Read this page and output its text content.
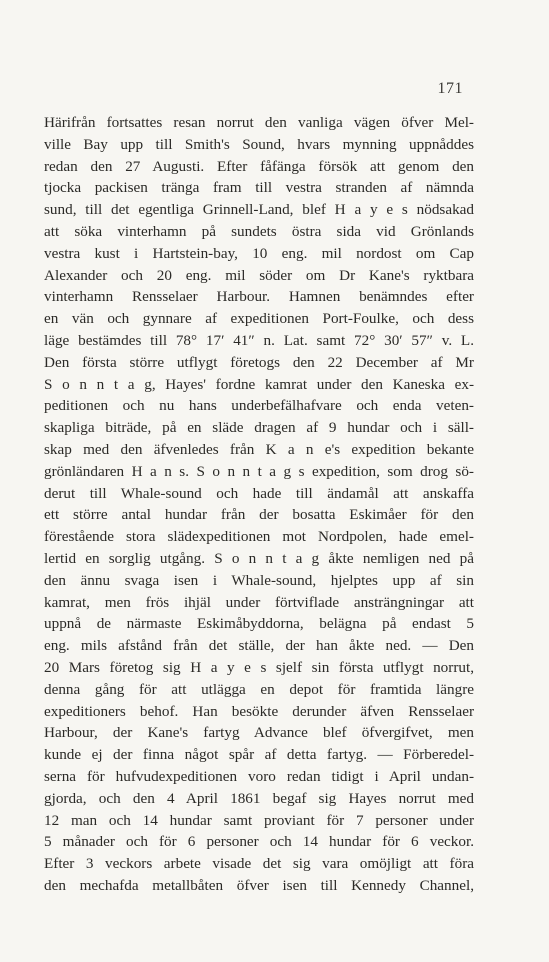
171
Härifrån fortsattes resan norrut den vanliga vägen öfver Mel-
ville Bay upp till Smith's Sound, hvars mynning uppnåddes
redan den 27 Augusti. Efter fåfänga försök att genom den
tjocka packisen tränga fram till vestra stranden af nämnda
sund, till det egentliga Grinnell-Land, blef H a y e s nödsakad
att söka vinterhamn på sundets östra sida vid Grönlands
vestra kust i Hartstein-bay, 10 eng. mil nordost om Cap
Alexander och 20 eng. mil söder om Dr Kane's ryktbara
vinterhamn Rensselaer Harbour. Hamnen benämndes efter
en vän och gynnare af expeditionen Port-Foulke, och dess
läge bestämdes till 78° 17′ 41″ n. Lat. samt 72° 30′ 57″ v. L.
Den första större utflygt företogs den 22 December af Mr
S o n n t a g, Hayes' fordne kamrat under den Kaneska ex-
peditionen och nu hans underbefälhafvare och enda veten-
skapliga biträde, på en släde dragen af 9 hundar och i säll-
skap med den äfvenledes från K a n e's expedition bekante
grönländaren H a n s. S o n n t a g s expedition, som drog sö-
derut till Whale-sound och hade till ändamål att anskaffa
ett större antal hundar från der bosatta Eskimåer för den
förestående stora slädexpeditionen mot Nordpolen, hade emel-
lertid en sorglig utgång. S o n n t a g åkte nemligen ned på
den ännu svaga isen i Whale-sound, hjelptes upp af sin
kamrat, men frös ihjäl under förtviflade ansträngningar att
uppnå de närmaste Eskimåbyddorna, belägna på endast 5
eng. mils afstånd från det ställe, der han åkte ned. — Den
20 Mars företog sig H a y e s sjelf sin första utflygt norrut,
denna gång för att utlägga en depot för framtida längre
expeditioners behof. Han besökte derunder äfven Rensselaer
Harbour, der Kane's fartyg Advance blef öfvergifvet, men
kunde ej der finna något spår af detta fartyg. — Förberedel-
serna för hufvudexpeditionen voro redan tidigt i April undan-
gjorda, och den 4 April 1861 begaf sig Hayes norrut med
12 man och 14 hundar samt proviant för 7 personer under
5 månader och för 6 personer och 14 hundar för 6 veckor.
Efter 3 veckors arbete visade det sig vara omöjligt att föra
den mechafda metallbåten öfver isen till Kennedy Channel,
